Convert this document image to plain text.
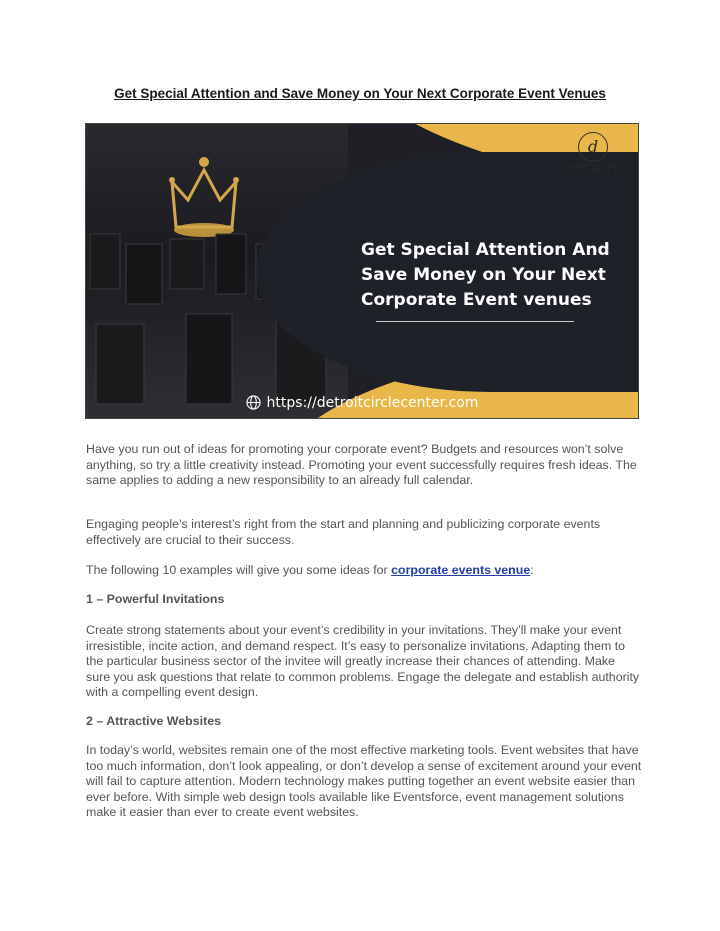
Get Special Attention and Save Money on Your Next Corporate Event Venues
d
DETROIT
CIRCLE CENTER
Get Special Attention And
Save Money on Your Next
Corporate Event venues
https://detroitcirclecenter.com

Have you run out of ideas for promoting your corporate event? Budgets and resources won’t solve anything, so try a little creativity instead. Promoting your event successfully requires fresh ideas. The same applies to adding a new responsibility to an already full calendar.

Engaging people’s interest’s right from the start and planning and publicizing corporate events effectively are crucial to their success.

The following 10 examples will give you some ideas for corporate events venue:

1 – Powerful Invitations

Create strong statements about your event’s credibility in your invitations. They’ll make your event irresistible, incite action, and demand respect. It’s easy to personalize invitations. Adapting them to the particular business sector of the invitee will greatly increase their chances of attending. Make sure you ask questions that relate to common problems. Engage the delegate and establish authority with a compelling event design.

2 – Attractive Websites

In today’s world, websites remain one of the most effective marketing tools. Event websites that have too much information, don’t look appealing, or don’t develop a sense of excitement around your event will fail to capture attention. Modern technology makes putting together an event website easier than ever before. With simple web design tools available like Eventsforce, event management solutions make it easier than ever to create event websites.
